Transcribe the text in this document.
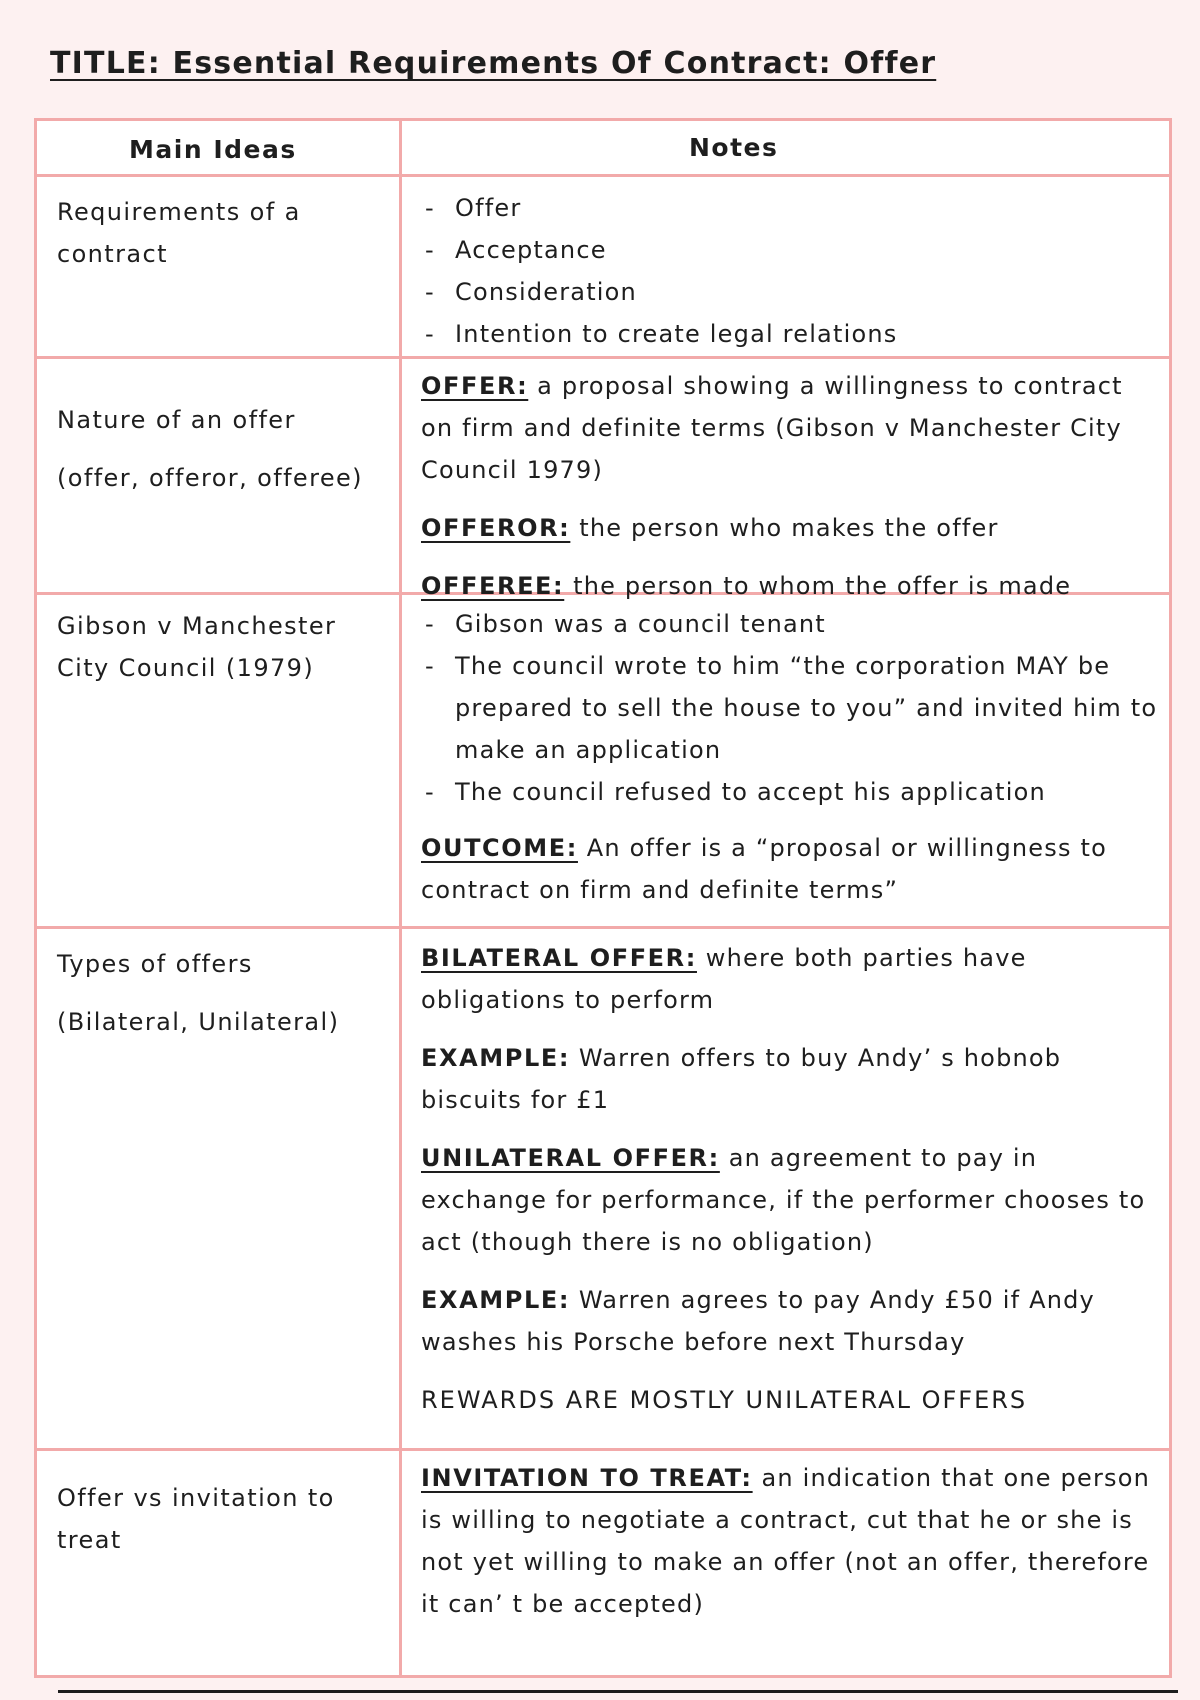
TITLE: Essential Requirements Of Contract: Offer
Main Ideas	Notes
Requirements of a contract
- Offer
- Acceptance
- Consideration
- Intention to create legal relations
Nature of an offer
(offer, offeror, offeree)
OFFER: a proposal showing a willingness to contract on firm and definite terms (Gibson v Manchester City Council 1979)
OFFEROR: the person who makes the offer
OFFEREE: the person to whom the offer is made
Gibson v Manchester City Council (1979)
- Gibson was a council tenant
- The council wrote to him “the corporation MAY be prepared to sell the house to you” and invited him to make an application
- The council refused to accept his application
OUTCOME: An offer is a “proposal or willingness to contract on firm and definite terms”
Types of offers
(Bilateral, Unilateral)
BILATERAL OFFER: where both parties have obligations to perform
EXAMPLE: Warren offers to buy Andy’ s hobnob biscuits for £1
UNILATERAL OFFER: an agreement to pay in exchange for performance, if the performer chooses to act (though there is no obligation)
EXAMPLE: Warren agrees to pay Andy £50 if Andy washes his Porsche before next Thursday
REWARDS ARE MOSTLY UNILATERAL OFFERS
Offer vs invitation to treat
INVITATION TO TREAT: an indication that one person is willing to negotiate a contract, cut that he or she is not yet willing to make an offer (not an offer, therefore it can’ t be accepted)
